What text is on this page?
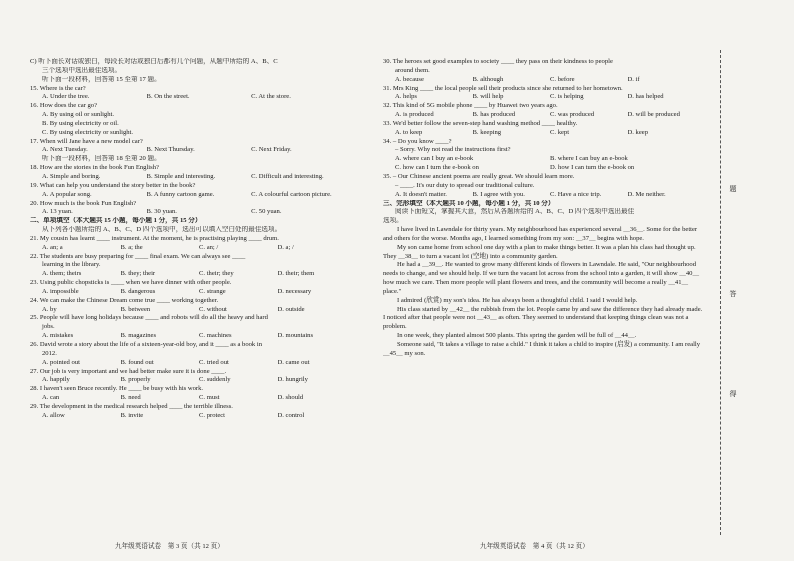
C) 听下面长对话或独白，每段长对话或独白后都有几个问题，从题中所给的 A、B、C
三个选项中选出最佳选项。
听下面一段材料，回答第 15 至第 17 题。
15. Where is the car?
A. Under the tree.	B. On the street.	C. At the store.
16. How does the car go?
A. By using oil or sunlight.
B. By using electricity or oil.
C. By using electricity or sunlight.
17. When will Jane have a new model car?
A. Next Tuesday.	B. Next Thursday.	C. Next Friday.
听下面一段材料，回答第 18 至第 20 题。
18. How are the stories in the book Fun English?
A. Simple and boring.	B. Simple and interesting.	C. Difficult and interesting.
19. What can help you understand the story better in the book?
A. A popular song.	B. A funny cartoon game.	C. A colourful cartoon picture.
20. How much is the book Fun English?
A. 13 yuan.	B. 30 yuan.	C. 50 yuan.
二、单项填空（本大题共 15 小题，每小题 1 分，共 15 分）
从下列各小题所给的 A、B、C、D 四个选项中，选出可以填入空白处的最佳选项。
21. My cousin has learnt ____ instrument. At the moment, he is practising playing ____ drum.
A. an; a	B. a; the	C. an; /	D. a; /
22. The students are busy preparing for ____ final exam. We can always see ____
learning in the library.
A. them; theirs	B. they; their	C. their; they	D. their; them
23. Using public chopsticks is ____ when we have dinner with other people.
A. impossible	B. dangerous	C. strange	D. necessary
24. We can make the Chinese Dream come true ____ working together.
A. by	B. between	C. without	D. outside
25. People will have long holidays because ____ and robots will do all the heavy and hard
jobs.
A. mistakes	B. magazines	C. machines	D. mountains
26. David wrote a story about the life of a sixteen-year-old boy, and it ____ as a book in
2012.
A. pointed out	B. found out	C. tried out	D. came out
27. Our job is very important and we had better make sure it is done ____.
A. happily	B. properly	C. suddenly	D. hungrily
28. I haven't seen Bruce recently. He ____ be busy with his work.
A. can	B. need	C. must	D. should
29. The development in the medical research helped ____ the terrible illness.
A. allow	B. invite	C. protect	D. control
九年级英语试卷　第 3 页（共 12 页）
30. The heroes set good examples to society ____ they pass on their kindness to people
around them.
A. because	B. although	C. before	D. if
31. Mrs King ____ the local people sell their products since she returned to her hometown.
A. helps	B. will help	C. is helping	D. has helped
32. This kind of 5G mobile phone ____ by Huawei two years ago.
A. is produced	B. has produced	C. was produced	D. will be produced
33. We'd better follow the seven-step hand washing method ____ healthy.
A. to keep	B. keeping	C. kept	D. keep
34. – Do you know ____?
– Sorry. Why not read the instructions first?
A. where can I buy an e-book	B. where I can buy an e-book
C. how can I turn the e-book on	D. how I can turn the e-book on
35. – Our Chinese ancient poems are really great. We should learn more.
– ____. It's our duty to spread our traditional culture.
A. It doesn't matter.	B. I agree with you.	C. Have a nice trip.	D. Me neither.
三、完形填空（本大题共 10 小题，每小题 1 分，共 10 分）
阅读下面短文，掌握其大意，然后从各题所给的 A、B、C、D 四个选项中选出最佳
选项。
I have lived in Lawndale for thirty years. My neighbourhood has experienced several ＿36＿. Some for the better and others for the worse. Months ago, I learned something from my son: ＿37＿ begins with hope.
My son came home from school one day with a plan to make things better. It was a plan his class had thought up. They ＿38＿ to turn a vacant lot (空地) into a community garden.
He had a ＿39＿. He wanted to grow many different kinds of flowers in Lawndale. He said, "Our neighbourhood needs to change, and we should help. If we turn the vacant lot across from the school into a garden, it will show ＿40＿ how much we care. Then more people will plant flowers and trees, and the community will become a really ＿41＿ place."
I admired (欣赏) my son's idea. He has always been a thoughtful child. I said I would help.
His class started by ＿42＿ the rubbish from the lot. People came by and saw the difference they had already made. I noticed after that people were not ＿43＿ as often. They seemed to understand that keeping things clean was not a problem.
In one week, they planted almost 500 plants. This spring the garden will be full of ＿44＿.
Someone said, "It takes a village to raise a child." I think it takes a child to inspire (启发) a community. I am really ＿45＿ my son.
九年级英语试卷　第 4 页（共 12 页）
题
答
得
